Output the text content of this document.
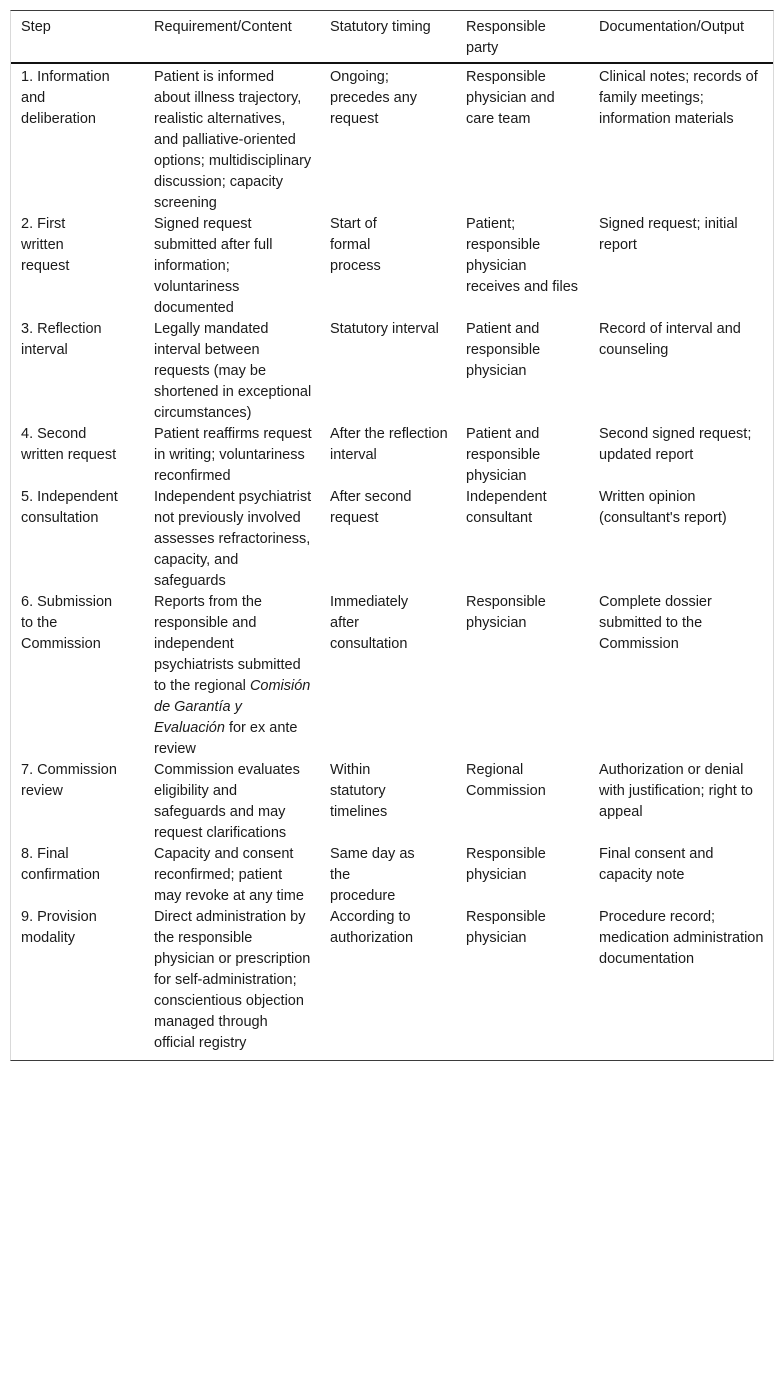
Step	Requirement/Content	Statutory timing	Responsible party	Documentation/Output
1. Information and deliberation	Patient is informed about illness trajectory, realistic alternatives, and palliative-oriented options; multidisciplinary discussion; capacity screening	Ongoing; precedes any request	Responsible physician and care team	Clinical notes; records of family meetings; information materials
2. First written request	Signed request submitted after full information; voluntariness documented	Start of formal process	Patient; responsible physician receives and files	Signed request; initial report
3. Reflection interval	Legally mandated interval between requests (may be shortened in exceptional circumstances)	Statutory interval	Patient and responsible physician	Record of interval and counseling
4. Second written request	Patient reaffirms request in writing; voluntariness reconfirmed	After the reflection interval	Patient and responsible physician	Second signed request; updated report
5. Independent consultation	Independent psychiatrist not previously involved assesses refractoriness, capacity, and safeguards	After second request	Independent consultant	Written opinion (consultant's report)
6. Submission to the Commission	Reports from the responsible and independent psychiatrists submitted to the regional Comisión de Garantía y Evaluación for ex ante review	Immediately after consultation	Responsible physician	Complete dossier submitted to the Commission
7. Commission review	Commission evaluates eligibility and safeguards and may request clarifications	Within statutory timelines	Regional Commission	Authorization or denial with justification; right to appeal
8. Final confirmation	Capacity and consent reconfirmed; patient may revoke at any time	Same day as the procedure	Responsible physician	Final consent and capacity note
9. Provision modality	Direct administration by the responsible physician or prescription for self-administration; conscientious objection managed through official registry	According to authorization	Responsible physician	Procedure record; medication administration documentation
